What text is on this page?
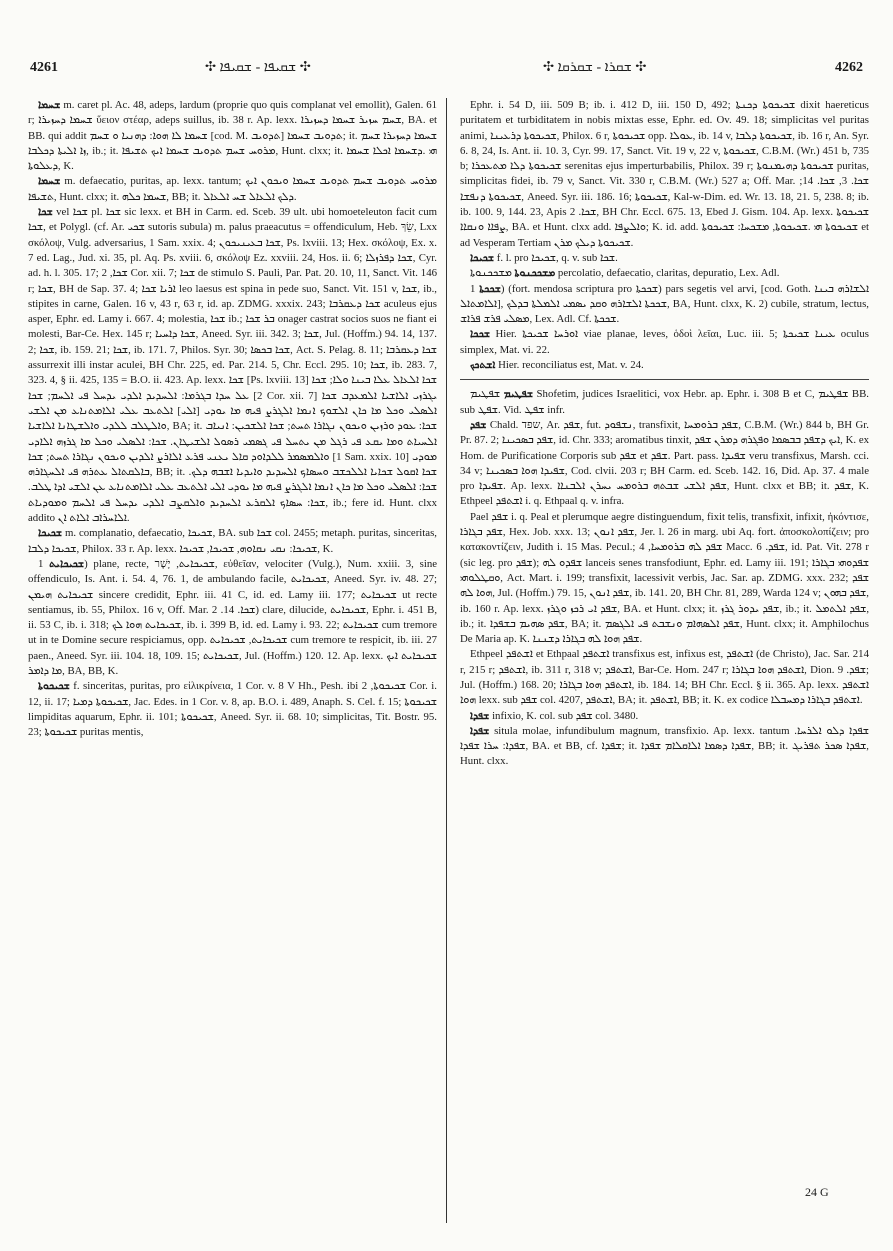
4261	✣ ܫܩܝܦܐ - ܫܩܝܦܐ ✣	✣ ܫܩܪܐ - ܫܩܪܩܐ ✣	4262

ܫܚܡܐ m. caret pl. Ac. 48, adeps, lardum (proprie quo quis complanat vel emollit), Galen. 61 r; ܫܚܡܐ ܕܚܙܝܪܐ ὕειον στέαρ, adeps suillus, ib. 38 r. Ap. lexx. ܫܚܡ ܚܙܝܪ ܫܚܡܐ ܕܚܙܝܪܐ, BA. et BB. qui addit ܫܚܡܐ ܠܐ ܗܘܐ: ܕܗܢܝܐ ܘ ܫܚܡ [cod. M. ܬܕܘܝܒ] ܬܕܘܝܒ ܫܚܡܐ; it. ܫܚܡܐ ܕܚܙܝܪܐ ܫܚܡ ܙܐ ܐܠܝܬܐ ܕܟܠܒܐ, ib.; it. ܡܪܘܚ ܫܚܡ ܬܕܘܝܒ ܫܚܡܐ ܐܝܟ ܬܫܝܦܐ, Hunt. clxx; it. ܗܝ .ܕܫܚܡܐ ܐܟܠܐ ܫܚܡܐ ܕܥܠܘܬܐ, K.

ܫܚܡܐ m. defaecatio, puritas, ap. lexx. tantum; ܡܪܘܚ ܬܕܘܝܒ ܫܚܡ ܬܕܘܝܒ ܫܚܡܐ ܘܝܟܘܢ ܐܝܟ ܬܫܝܦܐ, Hunt. clxx; it. ܫܚܡܐ ܟܠܗ, BB; it. ܕܠܟ ܐܠܥܐܠ ܫܚ ܐܠܥܐܠ.

ܫܟܐ vel ܫܟܐ pl. ܫܟܐ sic lexx. et BH in Carm. ed. Sceb. 39 ult. ubi homoeteleuton facit cum ܫܟܐ, et Polygl. (cf. Ar. ܫܟܝ sutoris subula) m. palus praeacutus = offendiculum, Heb. שֵׂךְ, Lxx σκόλοψ, Vulg. adversarius, 1 Sam. xxix. 4; ܫܟܐ ܒܥܝܢܝܟܘܢ, Ps. lxviii. 13; Hex. σκόλοψ, Ex. x. 7 ed. Lag., Jud. xi. 35, pl. Aq. Ps. xviii. 6, σκόλοψ Ez. xxviii. 24, Hos. ii. 6; ܫܟܐ ܕܦܪܙܠܐ, Cyr. ad. h. l. 305. 17; ܫܟܐ, 2 Cor. xii. 7; ܫܟܐ de stimulo S. Pauli, Par. Pat. 20. 10, 11, Sanct. Vit. 146 r; ܫܟܐ, BH de Sap. 37. 4; ܐܪܝܐ ܫܟܐ leo laesus est spina in pede suo, Sanct. Vit. 151 v, ܫܟܐ, ib., stipites in carne, Galen. 16 v, 43 r, 63 r, id. ap. ZDMG. xxxix. 243; ܫܟܐ ܕܥܩܪܒܐ aculeus ejus asper, Ephr. ed. Lamy i. 667. 4; molestia, ܫܟܐ ib.; ܒܪ ܫܟܐ onager castrat socios suos ne fiant ei molesti, Bar-Ce. Hex. 145 r; ܫܟܐ ܕܐܚܝܐ, Aneed. Syr. iii. 342. 3; ܫܟܐ, Jul. (Hoffm.) 94. 14, 137. 2; ܫܟܐ, ib. 159. 21; ܫܟܐ, ib. 171. 7, Philos. Syr. 30; ܫܟܐ ܒܟܣܐ, Act. S. Pelag. 8. 11; ܫܟܐ ܕܥܩܪܒܐ assurrexit illi instar aculei, BH Chr. 225, ed. Par. 214. 5, Chr. Eccl. 295. 10; ܫܟܐ, ib. 283. 7, 323. 4, § ii. 425, 135 = B.O. ii. 423. Ap. lexx. ܫܟܐ [Ps. lxviii. 13] ܫܟܐ ܐܠܥܐܠ ܥܠܐ ܒܝܢܐ ܘܠܐ; ܫܟܐ ܥܠ ܚܕܐ ܒܓܪܡܐ: ܐܠܚܕܝܕ ܐܠܕܝ ܝܕܚܠ ܦܝ ܐܠܚܡ; ܫܟܐ [2 Cor. xii. 7] ܝܓܪܙܝ ܐܠܐܫܝܐ ܐܠܡܥܕܒ ܫܟܐ ܐܠܣܠܝ ܘܟܠ ܡܐ ܟܐܢ ܐܠܫܘܟ ܐܢܡܐ ܐܠܓܪܨ ܦܝܗ ܡܐ ܝܘܕܝ [ܐܠܝ] ܐܠܬܥܒ ܥܠܝ ܐܠܐܡܬܢܐܥ ܡܢ ܐܠܫܝ ܘܐܠܛܠܒ ܠܠܕܝ ܘܐܠܫܛܐܢܐ ܐܠܐܫܝܐ, BA; it. ܫܟܐ: ܥܘܕ ܘܪܙܝܢ ܘܝܟܘܢ ܢܓܐܪܐ ܬܚܬ; ܫܟܐ ܐܠܫܟܝܢ: ܐܢܝܐܒ ܐܠܚܝܐܬ ܘܡܐ ܝܩܥ ܦܝ ܪܓܠ ܡܢ ܝܬܚܠ ܦܝ ܓܣܡܝ ܪܣܘܠ ܐܠܫܝܛܐܢ. ܫܟܐ: ܐܠܣܠܝ ܘܟܠ ܡܐ ܓܪܙܗ ܐܠܐܕܝ ܘܐܠܡܣܡܪ ܠܠܕܐܘܕ ܩܐܠ ܝܥܢܝ ܦܪܥ ܐܠܐܪܨ ܐܠܕܝܢ ܘܝܟܘܢ ܢܓܐܪܐ ܬܚܬ; ܫܟܐ [1 Sam. xxix. 10] ܡܘܕܝ ܒܐܠܩܬܐܠ ܥܬܪܗ ܦܝ ܐܠܚܓܐܪܗ, BB; it. ܫܟܐ ܐܩܘܠ ܫܟܐܝܐ ܐܠܠܟܫܒ ܘܚܣܐܟ ܐܠܚܕܝܕ ܘܐܝܕܝܐ ܐܫܒܗ ܕܠܟ. ܫܟܐ: ܐܠܣܠܝ ܘܟܠ ܡܐ ܟܐܢ ܐܢܡܐ ܐܠܓܪܨ ܦܝܗ ܡܐ ܝܘܕܝ ܐܠܝ ܐܠܬܥܒ ܥܠܝ ܐܠܐܡܬܢܐܥ ܥܢ ܐܠܫܝ ܐܕܐ ܛܠܒ. ܫܟܐ: ܚܣܐܟ ܐܠܩܪܥ ܐܠܚܕܝܕ ܘܐܠܩܨܒ ܐܠܕܝ ܝܕܚܠ ܦܝ ܐܠܚܡ ܘܡܘܕܝܐܬ, ib.; fere id. Hunt. clxx addito ܐܠܐܚܪܐܒ ܐܠܐܬ ܐܢ.

ܫܟܝܟܐ m. complanatio, defaecatio, ܫܟܝܟܐ, BA. sub ܫܟܐ col. 2455; metaph. puritas, sinceritas, ܫܟܝܟܐ ܕܠܒܐ, Philox. 33 r. Ap. lexx. ܫܟܝܟܐ: ܢܩܝ ܢܩܐܘܗ, ܫܟܝܟܐ, ܫܟܝܟܐ, K.

ܫܟܝܟܐܝܬ 1) plane, recte, ܫܟܝܟܐܝܬ, יָשָׁר, εὐθεῖαν, velociter (Vulg.), Num. xxiii. 3, sine offendiculo, Is. Ant. i. 54. 4, 76. 1, de ambulando facile, ܫܟܝܟܐܝܬ, Aneed. Syr. iv. 48. 27; ܫܟܝܟܐܝܬ ܗܝܡܢ sincere credidit, Ephr. iii. 41 C, id. ed. Lamy iii. 177; ܫܟܝܟܐܝܬ ut recte sentiamus, ib. 55, Philox. 16 v, Off. Mar. ܫܟܐ. 14. 2) clare, dilucide, ܫܟܝܟܐܝܬ, Ephr. i. 451 B, ii. 53 C, ib. i. 318; ܫܟܝܟܐܝܬ ܗܘܐ ܠܟ, ib. i. 399 B, id. ed. Lamy i. 93. 22; ܫܟܝܟܐܝܬ cum tremore ut in te Domine secure respiciamus, opp. ܫܟܝܟܐܝܬ, ܫܟܝܟܐܝܬ cum tremore te respicit, ib. iii. 27 paen., Aneed. Syr. iii. 104. 18, 109. 15; ܫܟܝܟܐܝܬ, Jul. (Hoffm.) 120. 12. Ap. lexx. ܫܟܝܟܐܝܬ ܐܝܟ ܡܐ ܕܐܡܪ, BA, BB, K.

ܫܟܝܟܘܬܐ f. sinceritas, puritas, pro εἰλικρίνεια, 1 Cor. v. 8 V Hh., Pesh. ibi ܫܟܝܟܘܬܐ, 2 Cor. i. 12, ii. 17; ܫܟܝܟܘܬܐ ܕܡܝܐ, Jac. Edes. in 1 Cor. v. 8, ap. B.O. i. 489, Anaph. S. Cel. f. 15; ܫܟܝܟܘܬܐ limpiditas aquarum, Ephr. ii. 101; ܫܟܝܟܘܬܐ, Aneed. Syr. ii. 68. 10; simplicitas, Tit. Bostr. 95. 23; ܫܟܝܟܘܬܐ puritas mentis,

Ephr. i. 54 D, iii. 509 B; ib. i. 412 D, iii. 150 D, 492; ܫܟܝܟܘܬܐ ܕܟܢܬܐ dixit haereticus puritatem et turbiditatem in nobis mixtas esse, Ephr. ed. Ov. 49. 18; simplicitas vel puritas animi, ܫܟܝܟܘܬܐ ܕܪܥܝܢܐ, Philox. 6 r, ܫܟܝܟܘܬܐ opp. ܥܘܠܐ, ib. 14 v, ܫܟܝܟܘܬܐ ܕܠܒܐ, ib. 16 r, An. Syr. 6. 8, 24, Is. Ant. ii. 10. 3, Cyr. 99. 17, Sanct. Vit. 19 v, 22 v, ܫܟܝܟܘܬܐ, C.B.M. (Wr.) 451 b, 735 b; ܫܟܝܟܘܬܐ ܕܠܐ ܡܬܥܟܪܐ serenitas ejus imperturbabilis, Philox. 39 r; ܫܟܝܟܘܬܐ ܕܗܝܡܢܘܬܐ puritas, simplicitas fidei, ib. 79 v, Sanct. Vit. 330 r, C.B.M. (Wr.) 527 a; Off. Mar. ܫܟܐ. 3, ܫܟܐ. 14; ܫܟܝܟܘܬܐ ܕܢܦܫܐ, Aneed. Syr. iii. 186. 16; ܫܟܝܟܘܬܐ, Kal-w-Dim. ed. Wr. 13. 18, 21. 5, 238. 8; ib. ib. 100. 9, 144. 23, Apis ܫܟܐ. 2, BH Chr. Eccl. 675. 13, Ebed J. Gism. 104. Ap. lexx. ܫܟܝܟܘܬܐ ܨܦܐܐ ܘܢܩܐܐ, BA. et Hunt. clxx add. ܘܐܠܨܦܐ; K. id. add. ܫܟܝܟܘܬܐ ܗܝ .ܫܟܝܟܘܬܐ, ܡܫܟܚܐ: ܫܟܝܟܘܬܐ et ad Vesperam Tertiam ܫܟܝܟܘܬܐ ܕܝܠܟ ܡܪܢ.

ܫܟܝܟܐ f. l. pro ܫܟܝܟܐ, q. v. sub ܫܟܐ.

ܡܫܟܟܢܘܬܐ ܡܫܟܟܢܘܬܐ percolatio, defaecatio, claritas, depuratio, Lex. Adl.

ܫܟܟܬܐ 1) (fort. mendosa scriptura pro ܫܟܟܬܐ) pars segetis vel arvi, [cod. Goth. ܐܠܫܐܪܗ ܒܝܢܐ ܐܠܐܡܬܐܠ], ܫܟܟܬܐ ܐܠܫܐܪܗ ܘܩܕ ܝܣܡܝ ܐܠܡܠܬܐ ܒܕܠܟ, BA, Hunt. clxx, K. 2) cubile, stratum, lectus, ܡܣܠܝ ܦܪܫ ܦܪܐܫ, Lex. Adl. Cf. ܫܟܟܬܐ.

ܫܟܟܐ Hier. ܐܘܪܚܐ ܫܟܝܟܬܐ viae planae, leves, ὁδοὶ λεῖαι, Luc. iii. 5; ܥܝܢܐ ܫܟܝܟܬܐ oculus simplex, Mat. vi. 22.

ܐܫܬܟܟ Hier. reconciliatus est, Mat. v. 24.

ܫܦܛܝܡ ܫܦܛܝܡ Shofetim, judices Israelitici, vox Hebr. ap. Ephr. i. 308 B et C, ܫܦܛܝܡ BB. sub ܫܦܛ. Vid. ܫܦܛ infr.

ܫܦܕ Chald. שפד, Ar. ܫܦܕ, fut. ܢܫܦܘܕ, transfixit, ܫܦܕ ܒܪܘܡܚܐ, C.B.M. (Wr.) 844 b, BH Gr. Pr. 87. 2; ܫܦܕ ܒܣܟܝܢܐ, id. Chr. 333; aromatibus tinxit, ܐܝܟ ܕܫܦܕ ܒܒܣܡܐ ܘܦܓܪܗ ܕܡܪܢ ܫܦܕ, K. ex Hom. de Purificatione Corporis sub ܫܦܕ et ܫܦܕ. Part. pass. ܫܦܝܕܐ veru transfixus, Marsh. cci. 34 v; ܫܦܝܕܐ ܗܘܐ ܒܣܟܝܢܐ, Cod. clvii. 203 r; BH Carm. ed. Sceb. 142. 16, Did. Ap. 37. 4 male pro ܫܦܝܕܐ. Ap. lexx. ܫܦܕ ܐܠܫܝ ܫܒܬܗ ܒܪܘܡܚ ܝܚܪܢ ܐܠܒܢܐܐ, Hunt. clxx et BB; it. ܫܦܕ, K. Ethpeel ܐܫܬܦܕ i. q. Ethpaal q. v. infra.

Pael ܫܦܕ i. q. Peal et plerumque aegre distinguendum, fixit telis, transfixit, infixit, ἠκόντισε, ܫܦܕ ܒܓܐܪܐ, Hex. Job. xxx. 13; ܫܦܕ ܐܢܘܢ, Jer. l. 26 in marg. ubi Aq. fort. ἀποσκολοπίζειν; pro κατακοντίζειν, Judith i. 15 Mas. Pecul.; ܫܦܕ ܠܗ ܒܪܘܡܚܐ, 4 Macc. ܫܦܕ. 6, id. Pat. Vit. 278 r (sic leg. pro ܫܦܕ); ܫܦܕܘ ܠܗ lanceis senes transfodiunt, Ephr. ed. Lamy iii. 191; ܫܦܕܘܗܝ ܒܓܐܪܐ ܘܩܛܠܘܗܝ, Act. Mart. i. 199; transfixit, lacessivit verbis, Jac. Sar. ap. ZDMG. xxx. 232; ܫܦܕ ܗܘܐ ܠܗ, Jul. (Hoffm.) 79. 15, ܫܦܕ ܐܢܘܢ, ib. 141. 20, BH Chr. 81, 289, Warda 124 v; ܫܦܕ ܒܗܘܢ, ib. 160 r. Ap. lexx. ܫܦܕ ܐܝ ܪܟܙ ܘܓܪܙ, BA. et Hunt. clxx; it. ܫܦܕ ܝܕܘܪ ܓܪܙ, ib.; it. ܫܦܕ ܐܠܬܡܠ, ib.; it. ܫܦܕ ܣܗܝܡ ܒܫܦܕܐ, BA; it. ܫܦܕ ܐܠܣܗܐܡ ܘܢܫܒܬ ܦܝ ܐܠܓܣܡ, Hunt. clxx; it. Amphilochus De Maria ap. K. ܫܦܕ ܗܘܐ ܠܗ ܒܓܐܪܐ ܕܫܢܢܐ.

Ethpeel ܐܫܬܦܕ et Ethpaal ܐܫܬܦܕ transfixus est, infixus est, ܐܫܬܦܕ (de Christo), Jac. Sar. 214 r, 215 r; ܐܫܬܦܕ, ib. 311 r, 318 v; ܐܫܬܦܕ, Bar-Ce. Hom. 247 r; ܐܫܬܦܕ ܗܘܐ ܒܓܐܪܐ, Dion. ܫܦܕ. 9; Jul. (Hoffm.) 168. 20; ܐܫܬܦܕ ܗܘܐ ܒܓܐܪܐ, ib. 184. 14; BH Chr. Eccl. § ii. 365. Ap. lexx. ܐܫܬܦܕ ܗܘܐ lexx. sub ܫܦܕ col. 4207, ܐܫܬܦܕ, BA; it. ܐܫܬܦܕ, BB; it. K. ex codice ܐܫܬܦܕ ܒܓܐܪܐ ܕܡܚܒܠܐ.

ܫܦܕܐ infixio, K. col. sub ܫܦܕ col. 3480.

ܫܦܕܐ situla molae, infundibulum magnum, transfixio. Ap. lexx. tantum ܫܦܕܐ ܕܠܘ ܐܠܪܚܐ. ܫܦܕܐ: ܚܪܐ ܫܦܕܐ, BA. et BB, cf. ܫܦܕܐ; it. ܫܦܕܐ ܕܣܡܐ ܐܠܐܩܠܐܡ ܫܦܕܐ, BB; it. ܫܦܕܐ ܣܟܪ ܬܦܪܝܓ, Hunt. clxx.

24 G
